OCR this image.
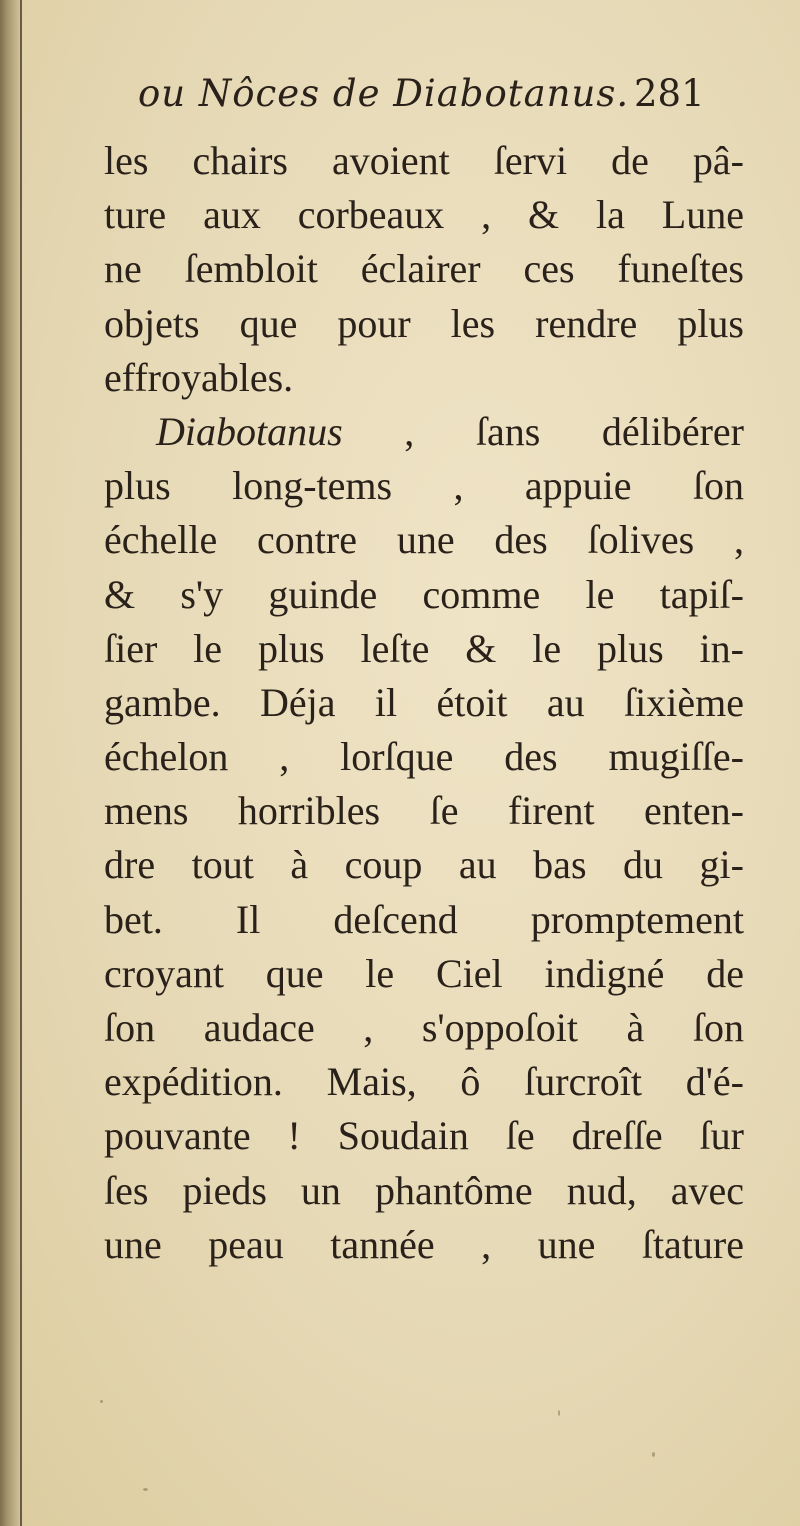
ou Nôces de Diabotanus. 281
les chairs avoient ſervi de pâ-
ture aux corbeaux , & la Lune
ne ſembloit éclairer ces funeſtes
objets que pour les rendre plus
effroyables.
Diabotanus , ſans délibérer
plus long-tems , appuie ſon
échelle contre une des ſolives ,
& s'y guinde comme le tapiſ-
ſier le plus leſte & le plus in-
gambe. Déja il étoit au ſixième
échelon , lorſque des mugiſſe-
mens horribles ſe firent enten-
dre tout à coup au bas du gi-
bet. Il deſcend promptement
croyant que le Ciel indigné de
ſon audace , s'oppoſoit à ſon
expédition. Mais, ô ſurcroît d'é-
pouvante ! Soudain ſe dreſſe ſur
ſes pieds un phantôme nud, avec
une peau tannée , une ſtature
